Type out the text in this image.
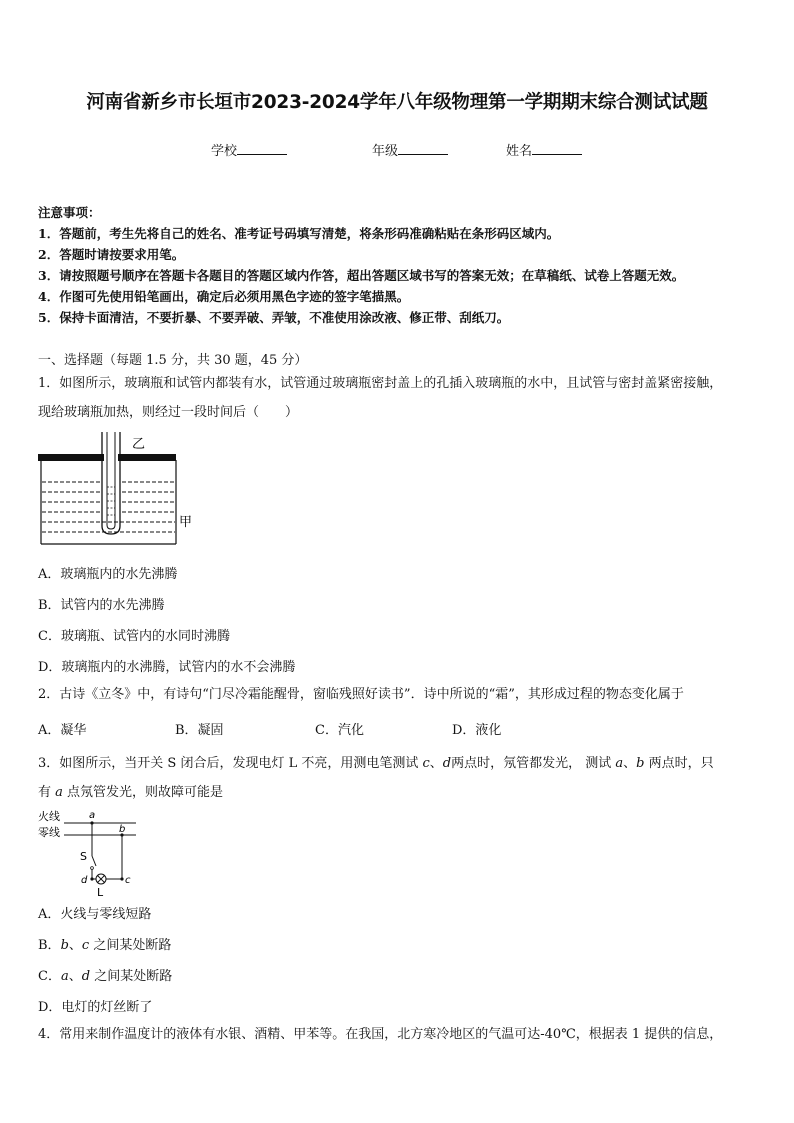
河南省新乡市长垣市2023-2024学年八年级物理第一学期期末综合测试试题
学校	年级	姓名
注意事项：
1．答题前，考生先将自己的姓名、准考证号码填写清楚，将条形码准确粘贴在条形码区域内。
2．答题时请按要求用笔。
3．请按照题号顺序在答题卡各题目的答题区域内作答，超出答题区域书写的答案无效；在草稿纸、试卷上答题无效。
4．作图可先使用铅笔画出，确定后必须用黑色字迹的签字笔描黑。
5．保持卡面清洁，不要折暴、不要弄破、弄皱，不准使用涂改液、修正带、刮纸刀。
一、选择题（每题 1.5 分，共 30 题，45 分）
1．如图所示，玻璃瓶和试管内都装有水，试管通过玻璃瓶密封盖上的孔插入玻璃瓶的水中，且试管与密封盖紧密接触，
现给玻璃瓶加热，则经过一段时间后（　　）
乙
甲
A．玻璃瓶内的水先沸腾
B．试管内的水先沸腾
C．玻璃瓶、试管内的水同时沸腾
D．玻璃瓶内的水沸腾，试管内的水不会沸腾
2．古诗《立冬》中，有诗句“门尽冷霜能醒骨，窗临残照好读书”．诗中所说的“霜”，其形成过程的物态变化属于
A．凝华	B．凝固	C．汽化	D．液化
3．如图所示，当开关 S 闭合后，发现电灯 L 不亮，用测电笔测试 c、d两点时，氖管都发光， 测试 a、b 两点时，只
有 a 点氖管发光，则故障可能是
火线
零线
a
b
S
d	c
L
A．火线与零线短路
B．b、c 之间某处断路
C．a、d 之间某处断路
D．电灯的灯丝断了
4．常用来制作温度计的液体有水银、酒精、甲苯等。在我国，北方寒冷地区的气温可达-40℃，根据表 1 提供的信息，
